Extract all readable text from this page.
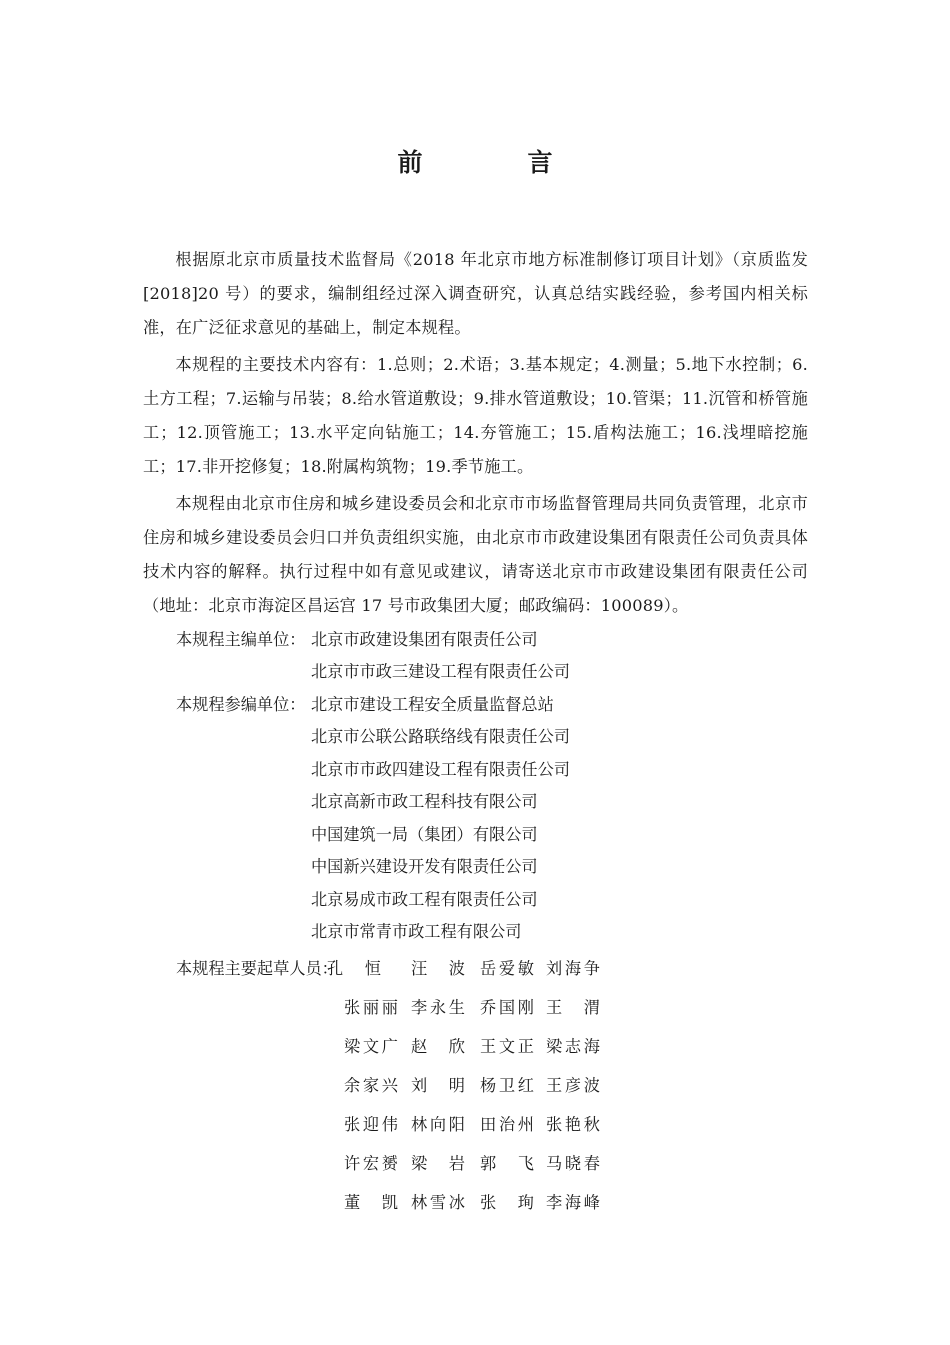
前　言

根据原北京市质量技术监督局《2018 年北京市地方标准制修订项目计划》（京质监发[2018]20 号）的要求，编制组经过深入调查研究，认真总结实践经验，参考国内相关标准，在广泛征求意见的基础上，制定本规程。

本规程的主要技术内容有：1.总则；2.术语；3.基本规定；4.测量；5.地下水控制；6.土方工程；7.运输与吊装；8.给水管道敷设；9.排水管道敷设；10.管渠；11.沉管和桥管施工；12.顶管施工；13.水平定向钻施工；14.夯管施工；15.盾构法施工；16.浅埋暗挖施工；17.非开挖修复；18.附属构筑物；19.季节施工。

本规程由北京市住房和城乡建设委员会和北京市市场监督管理局共同负责管理，北京市住房和城乡建设委员会归口并负责组织实施，由北京市市政建设集团有限责任公司负责具体技术内容的解释。执行过程中如有意见或建议，请寄送北京市市政建设集团有限责任公司（地址：北京市海淀区昌运宫 17 号市政集团大厦；邮政编码：100089）。

本规程主编单位： 北京市政建设集团有限责任公司
北京市市政三建设工程有限责任公司
本规程参编单位： 北京市建设工程安全质量监督总站
北京市公联公路联络线有限责任公司
北京市市政四建设工程有限责任公司
北京高新市政工程科技有限公司
中国建筑一局（集团）有限公司
中国新兴建设开发有限责任公司
北京易成市政工程有限责任公司
北京市常青市政工程有限公司
本规程主要起草人员：
孔　恒 汪　波 岳爱敏 刘海争
张丽丽 李永生 乔国刚 王　渭
梁文广 赵　欣 王文正 梁志海
余家兴 刘　明 杨卫红 王彦波
张迎伟 林向阳 田治州 张艳秋
许宏赟 梁　岩 郭　飞 马晓春
董　凯 林雪冰 张　珣 李海峰
